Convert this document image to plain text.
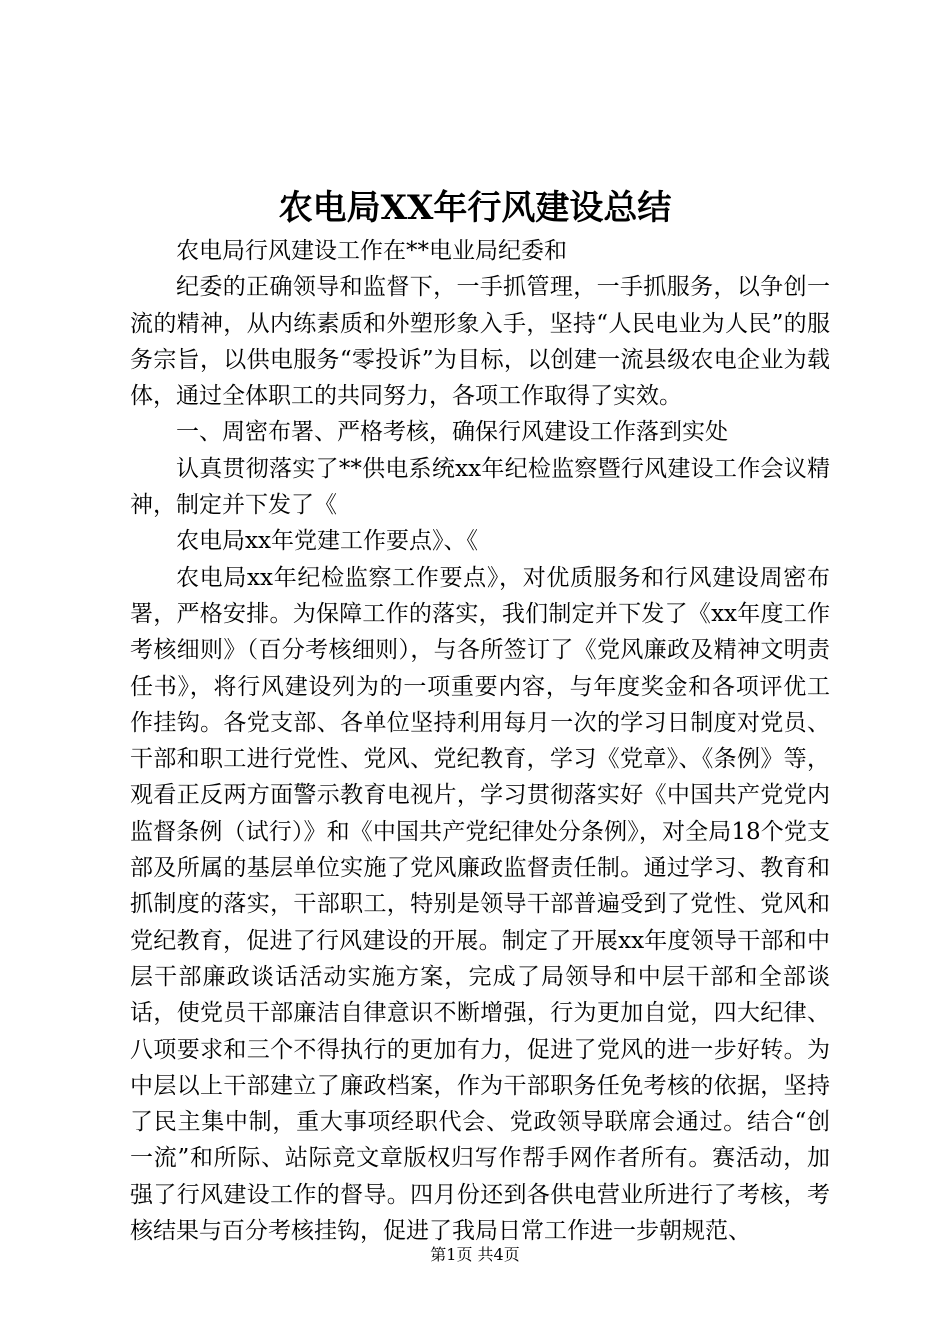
农电局XX年行风建设总结

农电局行风建设工作在**电业局纪委和

纪委的正确领导和监督下，一手抓管理，一手抓服务，以争创一流的精神，从内练素质和外塑形象入手，坚持“人民电业为人民”的服务宗旨，以供电服务“零投诉”为目标，以创建一流县级农电企业为载体，通过全体职工的共同努力，各项工作取得了实效。

一、周密布署、严格考核，确保行风建设工作落到实处

认真贯彻落实了**供电系统xx年纪检监察暨行风建设工作会议精神，制定并下发了《

农电局xx年党建工作要点》、《

农电局xx年纪检监察工作要点》，对优质服务和行风建设周密布署，严格安排。为保障工作的落实，我们制定并下发了《xx年度工作考核细则》（百分考核细则），与各所签订了《党风廉政及精神文明责任书》，将行风建设列为的一项重要内容，与年度奖金和各项评优工作挂钩。各党支部、各单位坚持利用每月一次的学习日制度对党员、干部和职工进行党性、党风、党纪教育，学习《党章》、《条例》等，观看正反两方面警示教育电视片，学习贯彻落实好《中国共产党党内监督条例（试行）》和《中国共产党纪律处分条例》，对全局18个党支部及所属的基层单位实施了党风廉政监督责任制。通过学习、教育和抓制度的落实，干部职工，特别是领导干部普遍受到了党性、党风和党纪教育，促进了行风建设的开展。制定了开展xx年度领导干部和中层干部廉政谈话活动实施方案，完成了局领导和中层干部和全部谈话，使党员干部廉洁自律意识不断增强，行为更加自觉，四大纪律、八项要求和三个不得执行的更加有力，促进了党风的进一步好转。为中层以上干部建立了廉政档案，作为干部职务任免考核的依据，坚持了民主集中制，重大事项经职代会、党政领导联席会通过。结合“创一流”和所际、站际竞文章版权归写作帮手网作者所有。赛活动，加强了行风建设工作的督导。四月份还到各供电营业所进行了考核，考核结果与百分考核挂钩，促进了我局日常工作进一步朝规范、

第1页 共4页
